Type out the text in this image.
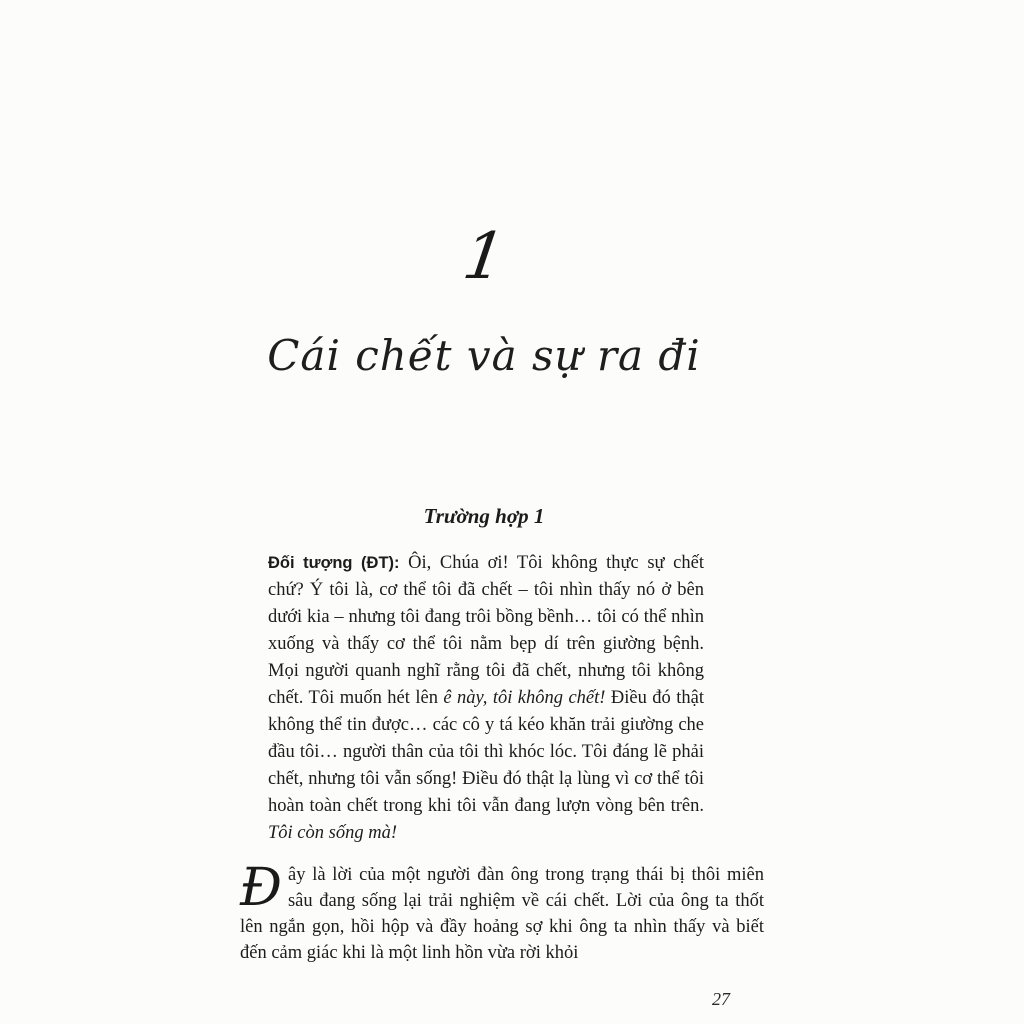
1
Cái chết và sự ra đi
Trường hợp 1
Đối tượng (ĐT): Ôi, Chúa ơi! Tôi không thực sự chết chứ? Ý tôi là, cơ thể tôi đã chết – tôi nhìn thấy nó ở bên dưới kia – nhưng tôi đang trôi bồng bềnh… tôi có thể nhìn xuống và thấy cơ thể tôi nằm bẹp dí trên giường bệnh. Mọi người quanh nghĩ rằng tôi đã chết, nhưng tôi không chết. Tôi muốn hét lên ê này, tôi không chết! Điều đó thật không thể tin được… các cô y tá kéo khăn trải giường che đầu tôi… người thân của tôi thì khóc lóc. Tôi đáng lẽ phải chết, nhưng tôi vẫn sống! Điều đó thật lạ lùng vì cơ thể tôi hoàn toàn chết trong khi tôi vẫn đang lượn vòng bên trên. Tôi còn sống mà!
Đây là lời của một người đàn ông trong trạng thái bị thôi miên sâu đang sống lại trải nghiệm về cái chết. Lời của ông ta thốt lên ngắn gọn, hồi hộp và đầy hoảng sợ khi ông ta nhìn thấy và biết đến cảm giác khi là một linh hồn vừa rời khỏi
27
